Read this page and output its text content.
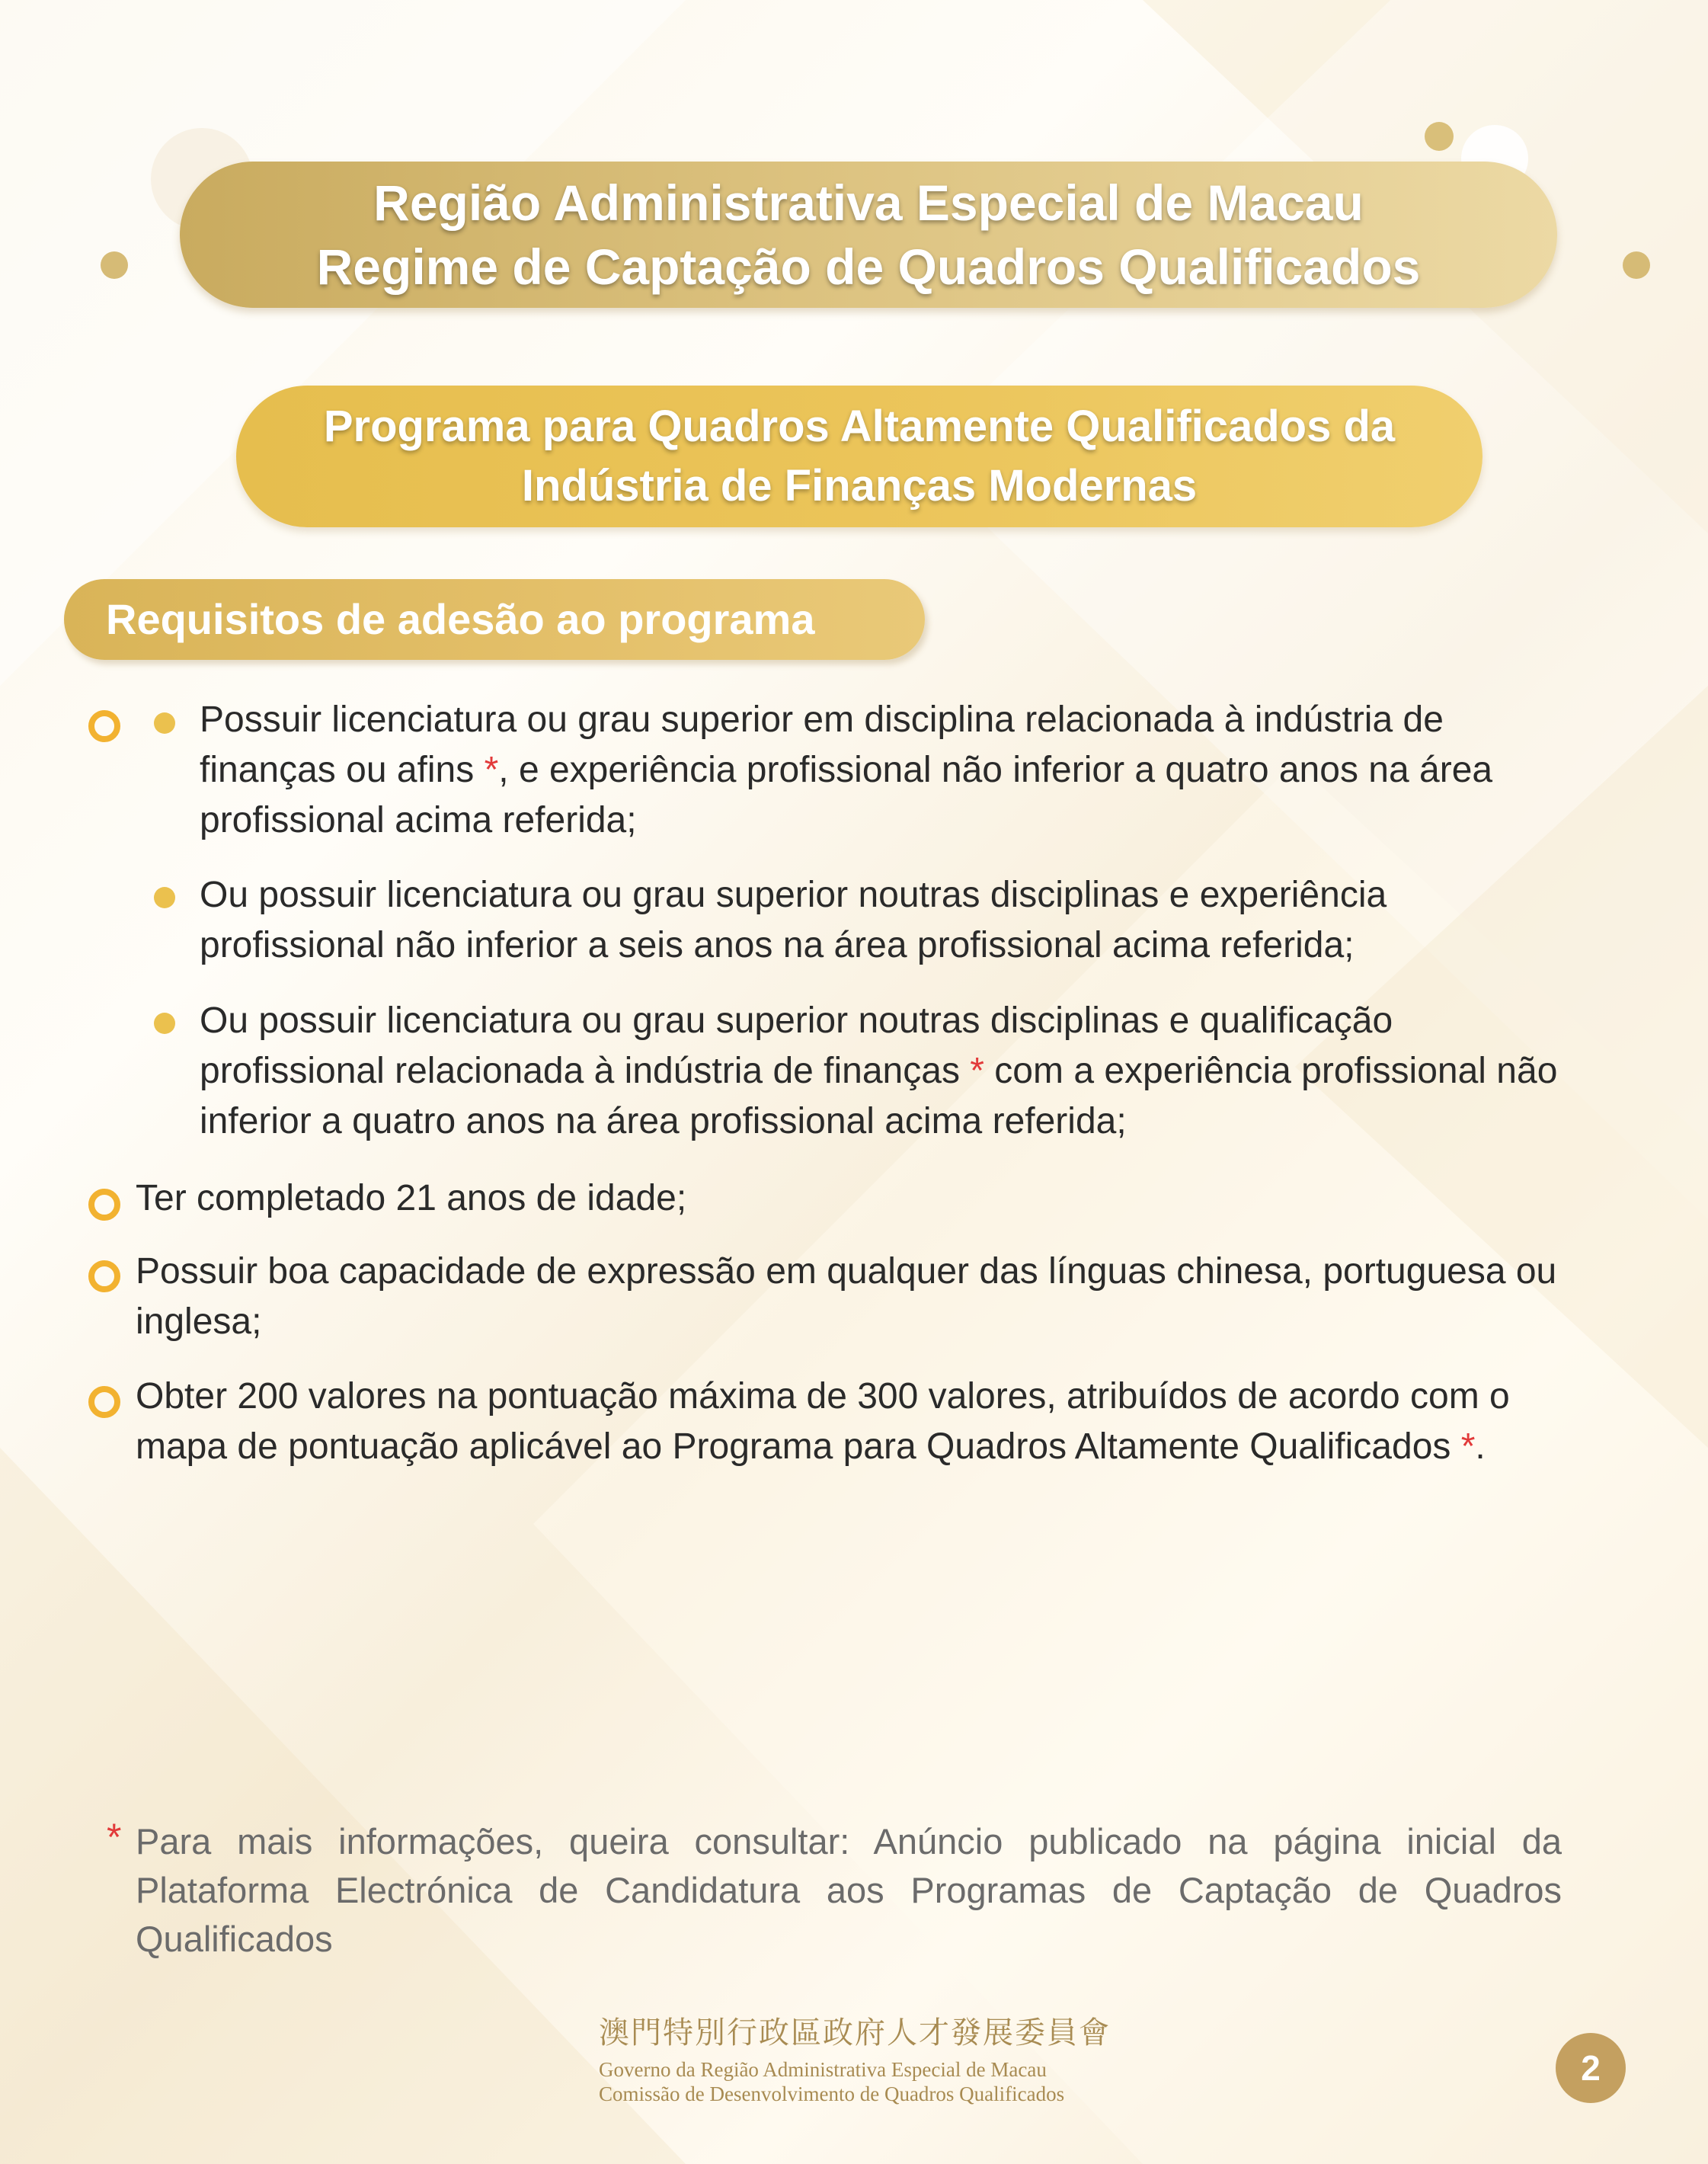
Região Administrativa Especial de Macau
Regime de Captação de Quadros Qualificados
Programa para Quadros Altamente Qualificados da
Indústria de Finanças Modernas
Requisitos de adesão ao programa
Possuir licenciatura ou grau superior em disciplina relacionada à indústria de finanças ou afins *, e experiência profissional não inferior a quatro anos na área profissional acima referida;
Ou possuir licenciatura ou grau superior noutras disciplinas e experiência profissional não inferior a seis anos na área profissional acima referida;
Ou possuir licenciatura ou grau superior noutras disciplinas e qualificação profissional relacionada à indústria de finanças * com a experiência profissional não inferior a quatro anos na área profissional acima referida;
Ter completado 21 anos de idade;
Possuir boa capacidade de expressão em qualquer das línguas chinesa, portuguesa ou inglesa;
Obter 200 valores na pontuação máxima de 300 valores, atribuídos de acordo com o mapa de pontuação aplicável ao Programa para Quadros Altamente Qualificados *.
* Para mais informações, queira consultar: Anúncio publicado na página inicial da Plataforma Electrónica de Candidatura aos Programas de Captação de Quadros Qualificados
澳門特別行政區政府人才發展委員會
Governo da Região Administrativa Especial de Macau
Comissão de Desenvolvimento de Quadros Qualificados
2
